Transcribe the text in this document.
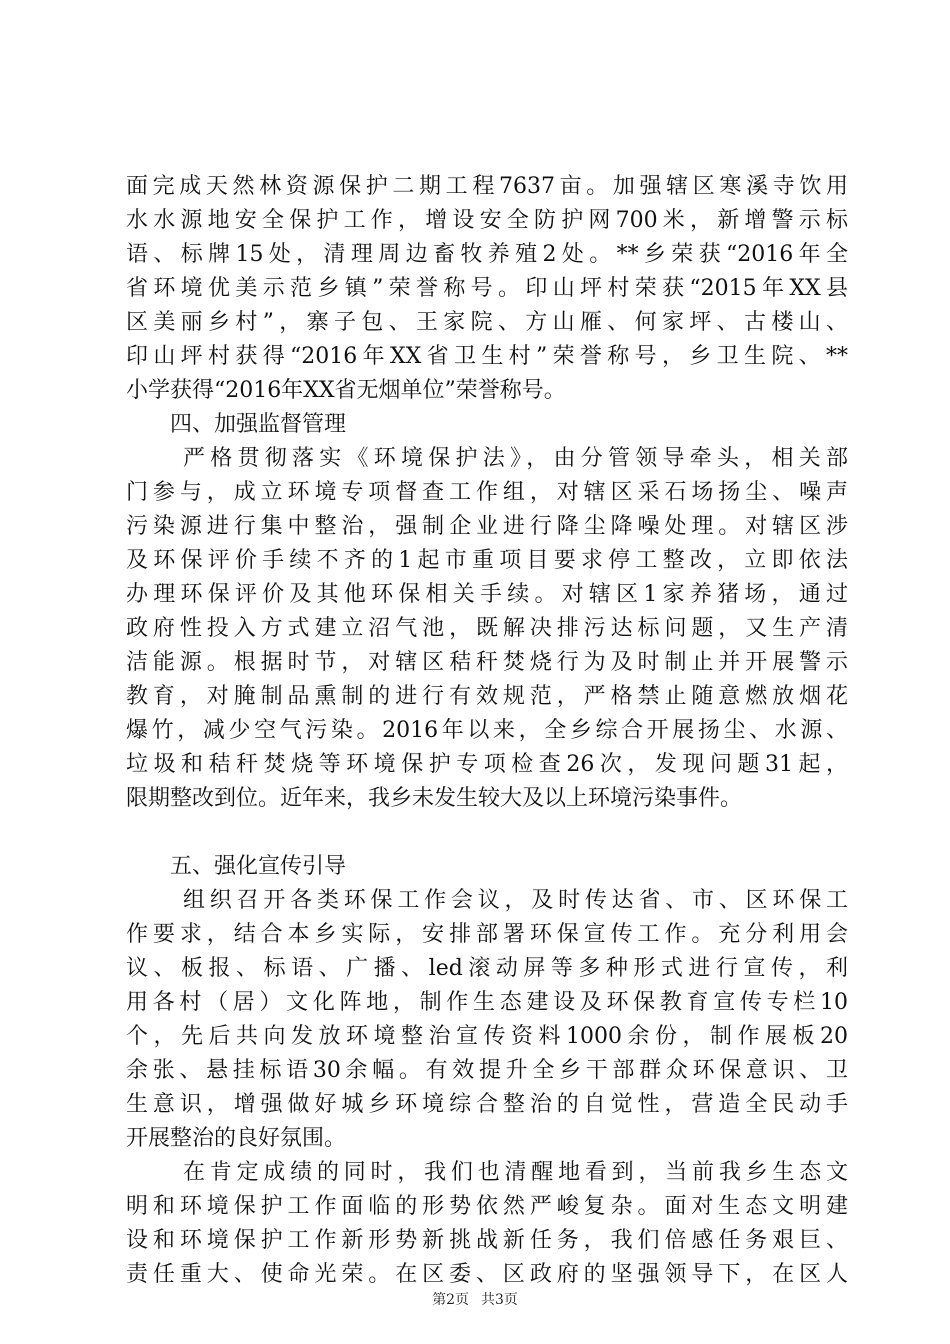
面完成天然林资源保护二期工程7637亩。加强辖区寒溪寺饮用
水水源地安全保护工作，增设安全防护网700米，新增警示标
语、标牌15处，清理周边畜牧养殖2处。**乡荣获“2016年全
省环境优美示范乡镇”荣誉称号。印山坪村荣获“2015年XX县
区美丽乡村”，寨子包、王家院、方山雁、何家坪、古楼山、
印山坪村获得“2016年XX省卫生村”荣誉称号，乡卫生院、**
小学获得“2016年XX省无烟单位”荣誉称号。
四、加强监督管理
严格贯彻落实《环境保护法》，由分管领导牵头，相关部
门参与，成立环境专项督查工作组，对辖区采石场扬尘、噪声
污染源进行集中整治，强制企业进行降尘降噪处理。对辖区涉
及环保评价手续不齐的1起市重项目要求停工整改，立即依法
办理环保评价及其他环保相关手续。对辖区1家养猪场，通过
政府性投入方式建立沼气池，既解决排污达标问题，又生产清
洁能源。根据时节，对辖区秸秆焚烧行为及时制止并开展警示
教育，对腌制品熏制的进行有效规范，严格禁止随意燃放烟花
爆竹，减少空气污染。2016年以来，全乡综合开展扬尘、水源、
垃圾和秸秆焚烧等环境保护专项检查26次，发现问题31起，
限期整改到位。近年来，我乡未发生较大及以上环境污染事件。
五、强化宣传引导
组织召开各类环保工作会议，及时传达省、市、区环保工
作要求，结合本乡实际，安排部署环保宣传工作。充分利用会
议、板报、标语、广播、led滚动屏等多种形式进行宣传，利
用各村（居）文化阵地，制作生态建设及环保教育宣传专栏10
个，先后共向发放环境整治宣传资料1000余份，制作展板20
余张、悬挂标语30余幅。有效提升全乡干部群众环保意识、卫
生意识，增强做好城乡环境综合整治的自觉性，营造全民动手
开展整治的良好氛围。
在肯定成绩的同时，我们也清醒地看到，当前我乡生态文
明和环境保护工作面临的形势依然严峻复杂。面对生态文明建
设和环境保护工作新形势新挑战新任务，我们倍感任务艰巨、
责任重大、使命光荣。在区委、区政府的坚强领导下，在区人
第2页 共3页
